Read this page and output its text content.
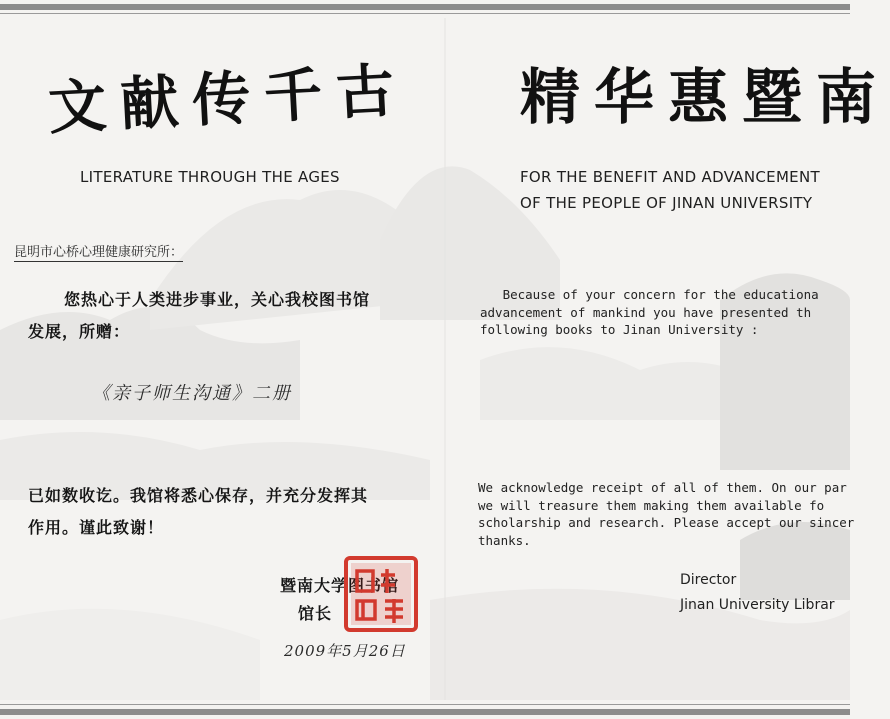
文献传千古 精华惠暨南
LITERATURE THROUGH THE AGES	FOR THE BENEFIT AND ADVANCEMENT
OF THE PEOPLE OF JINAN UNIVERSITY
昆明市心桥心理健康研究所：
您热心于人类进步事业，关心我校图书馆
发展，所赠：
《亲子师生沟通》二册
已如数收讫。我馆将悉心保存，并充分发挥其
作用。谨此致谢！
暨南大学图书馆
馆长
2009年5月26日
Because of your concern for the educationa
advancement of mankind you have presented th
following books to Jinan University :
We acknowledge receipt of all of them. On our par
we will treasure them making them available fo
scholarship and research. Please accept our sincer
thanks.
Director
Jinan University Librar
